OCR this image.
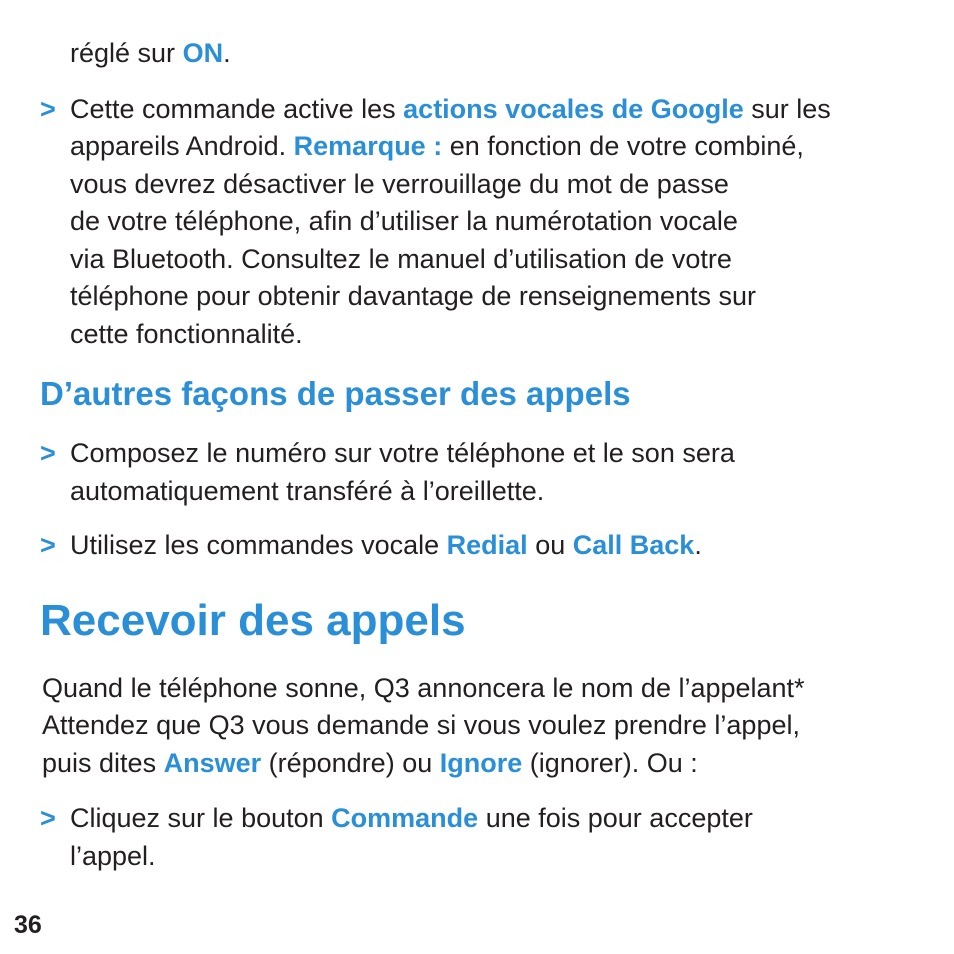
réglé sur ON.
> Cette commande active les actions vocales de Google sur les
appareils Android. Remarque : en fonction de votre combiné,
vous devrez désactiver le verrouillage du mot de passe
de votre téléphone, afin d’utiliser la numérotation vocale
via Bluetooth. Consultez le manuel d’utilisation de votre
téléphone pour obtenir davantage de renseignements sur
cette fonctionnalité.
D’autres façons de passer des appels
> Composez le numéro sur votre téléphone et le son sera
automatiquement transféré à l’oreillette.
> Utilisez les commandes vocale Redial ou Call Back.
Recevoir des appels
Quand le téléphone sonne, Q3 annoncera le nom de l’appelant*
Attendez que Q3 vous demande si vous voulez prendre l’appel,
puis dites Answer (répondre) ou Ignore (ignorer). Ou :
> Cliquez sur le bouton Commande une fois pour accepter
l’appel.
36
